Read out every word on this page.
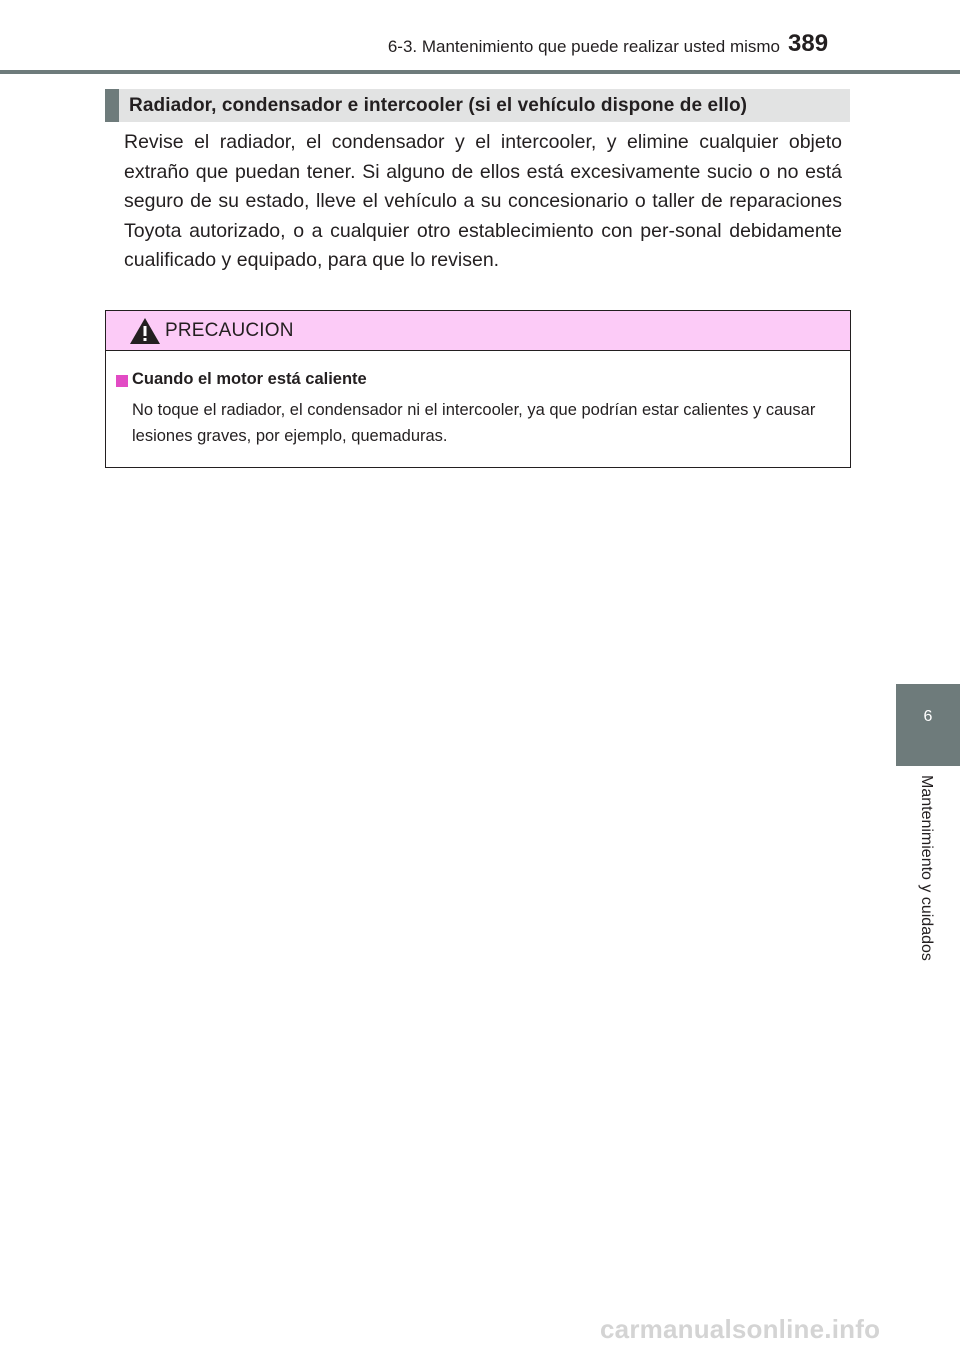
6-3. Mantenimiento que puede realizar usted mismo 389
Radiador, condensador e intercooler (si el vehículo dispone de ello)

Revise el radiador, el condensador y el intercooler, y elimine cualquier objeto extraño que puedan tener. Si alguno de ellos está excesivamente sucio o no está seguro de su estado, lleve el vehículo a su concesionario o taller de reparaciones Toyota autorizado, o a cualquier otro establecimiento con per-sonal debidamente cualificado y equipado, para que lo revisen.

PRECAUCION
Cuando el motor está caliente

No toque el radiador, el condensador ni el intercooler, ya que podrían estar calientes y causar lesiones graves, por ejemplo, quemaduras.

6
Mantenimiento y cuidados
carmanualsonline.info
